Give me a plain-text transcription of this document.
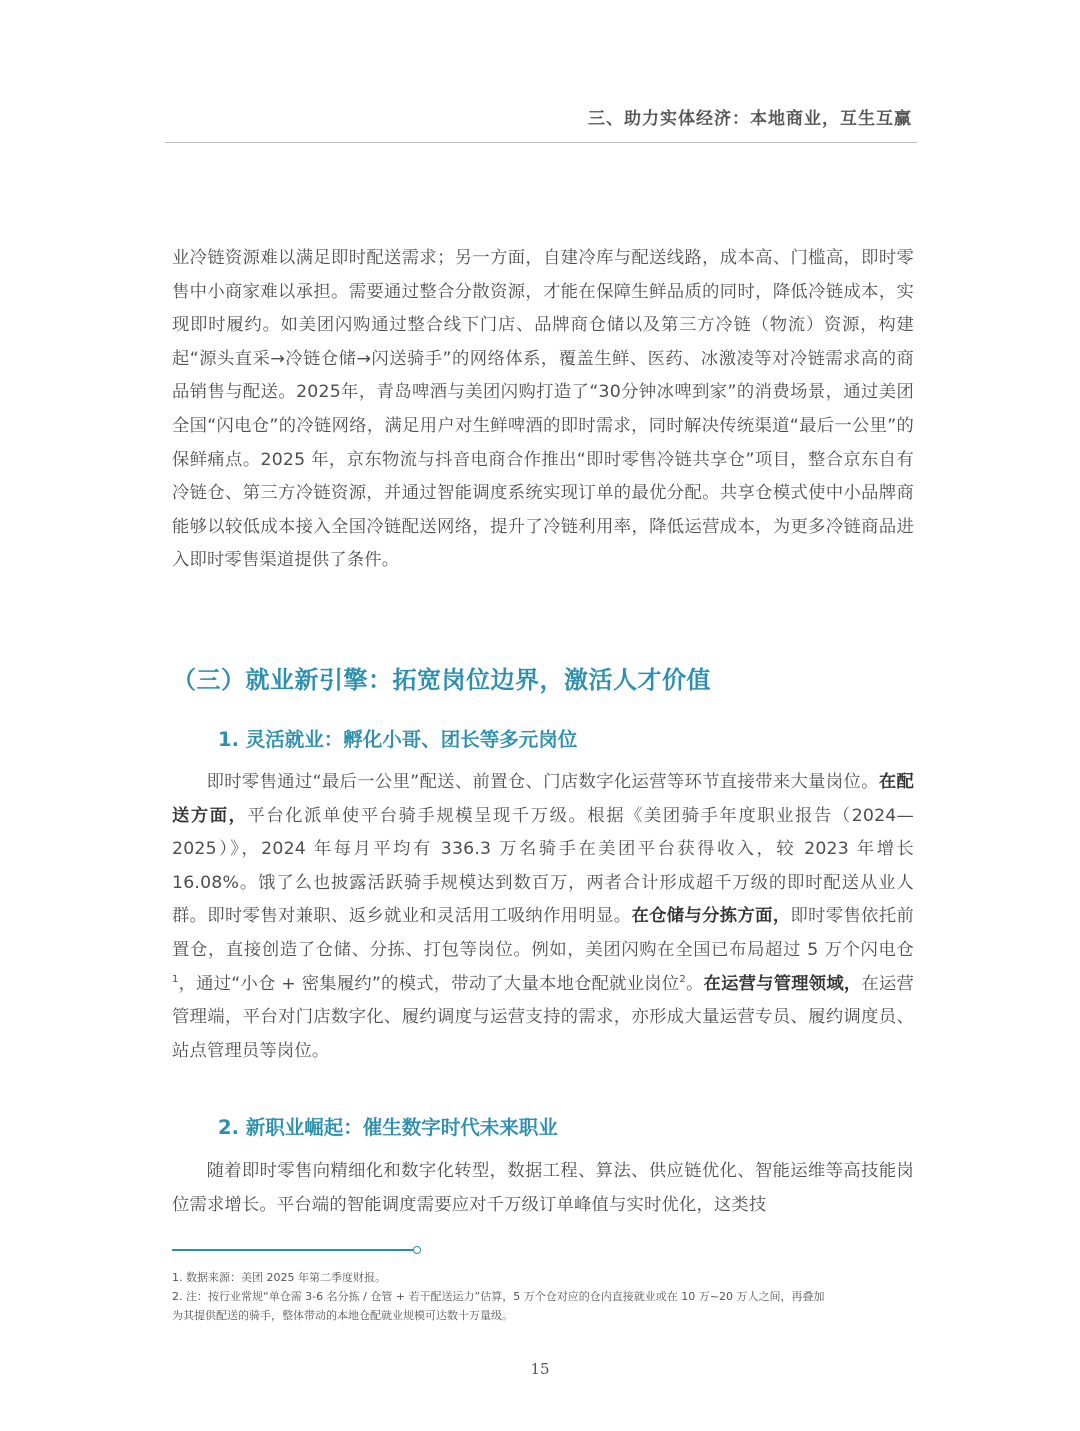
三、助力实体经济：本地商业，互生互赢

业冷链资源难以满足即时配送需求；另一方面，自建冷库与配送线路，成本高、门槛高，即时零售中小商家难以承担。需要通过整合分散资源，才能在保障生鲜品质的同时，降低冷链成本，实现即时履约。如美团闪购通过整合线下门店、品牌商仓储以及第三方冷链（物流）资源，构建起“源头直采→冷链仓储→闪送骑手”的网络体系，覆盖生鲜、医药、冰激凌等对冷链需求高的商品销售与配送。2025年，青岛啤酒与美团闪购打造了“30分钟冰啤到家”的消费场景，通过美团全国“闪电仓”的冷链网络，满足用户对生鲜啤酒的即时需求，同时解决传统渠道“最后一公里”的保鲜痛点。2025 年，京东物流与抖音电商合作推出“即时零售冷链共享仓”项目，整合京东自有冷链仓、第三方冷链资源，并通过智能调度系统实现订单的最优分配。共享仓模式使中小品牌商能够以较低成本接入全国冷链配送网络，提升了冷链利用率，降低运营成本，为更多冷链商品进入即时零售渠道提供了条件。

（三）就业新引擎：拓宽岗位边界，激活人才价值
1. 灵活就业：孵化小哥、团长等多元岗位

即时零售通过“最后一公里”配送、前置仓、门店数字化运营等环节直接带来大量岗位。在配送方面，平台化派单使平台骑手规模呈现千万级。根据《美团骑手年度职业报告（2024—2025）》，2024 年每月平均有 336.3 万名骑手在美团平台获得收入，较 2023 年增长 16.08%。饿了么也披露活跃骑手规模达到数百万，两者合计形成超千万级的即时配送从业人群。即时零售对兼职、返乡就业和灵活用工吸纳作用明显。在仓储与分拣方面，即时零售依托前置仓，直接创造了仓储、分拣、打包等岗位。例如，美团闪购在全国已布局超过 5 万个闪电仓$^1$，通过“小仓 + 密集履约”的模式，带动了大量本地仓配就业岗位$^2$。在运营与管理领域，在运营管理端，平台对门店数字化、履约调度与运营支持的需求，亦形成大量运营专员、履约调度员、站点管理员等岗位。

2. 新职业崛起：催生数字时代未来职业

随着即时零售向精细化和数字化转型，数据工程、算法、供应链优化、智能运维等高技能岗位需求增长。平台端的智能调度需要应对千万级订单峰值与实时优化，这类技

1. 数据来源：美团 2025 年第二季度财报。

2. 注：按行业常规“单仓需 3-6 名分拣 / 仓管 + 若干配送运力”估算，5 万个仓对应的仓内直接就业或在 10 万~20 万人之间，再叠加为其提供配送的骑手，整体带动的本地仓配就业规模可达数十万量级。

15
